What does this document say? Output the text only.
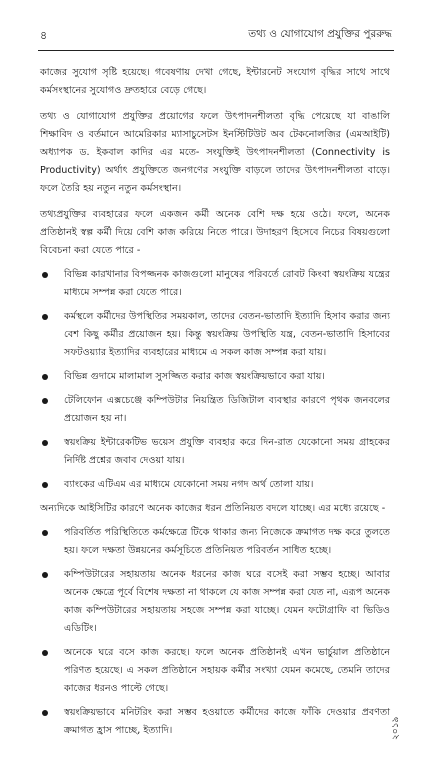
৪	তথ্য ও যোগাযোগ প্রযুক্তির পুররুদ্ধ

কাজের সুযোগ সৃষ্টি হয়েছে। গবেষণায় দেখা গেছে, ইন্টারনেট সংযোগ বৃদ্ধির সাথে সাথে কর্মসংস্থানের সুযোগও দ্রুতহারে বেড়ে গেছে।

তথ্য ও যোগাযোগ প্রযুক্তির প্রয়োগের ফলে উৎপাদনশীলতা বৃদ্ধি পেয়েছে যা বাঙালি শিক্ষাবিদ ও বর্তমানে আমেরিকার ম্যাসাচুসেটস ইনস্টিটিউট অব টেকনোলজির (এমআইটি) অধ্যাপক ড. ইকবাল কাদির এর মতে- সংযুক্তিই উৎপাদনশীলতা (Connectivity is Productivity) অর্থাৎ প্রযুক্তিতে জনগণের সংযুক্তি বাড়লে তাদের উৎপাদনশীলতা বাড়ে। ফলে তৈরি হয় নতুন নতুন কর্মসংস্থান।

তথ্যপ্রযুক্তির ব্যবহারের ফলে একজন কর্মী অনেক বেশি দক্ষ হয়ে ওঠে। ফলে, অনেক প্রতিষ্ঠানই স্বল্প কর্মী দিয়ে বেশি কাজ করিয়ে নিতে পারে। উদাহরণ হিসেবে নিচের বিষয়গুলো বিবেচনা করা যেতে পারে -

বিভিন্ন কারখানার বিপজ্জনক কাজগুলো মানুষের পরিবর্তে রোবট কিংবা স্বয়ংক্রিয় যন্ত্রের মাধ্যমে সম্পন্ন করা যেতে পারে।
কর্মস্থলে কর্মীদের উপস্থিতির সময়কাল, তাদের বেতন-ভাতাদি ইত্যাদি হিসাব করার জন্য বেশ কিছু কর্মীর প্রয়োজন হয়। কিন্তু স্বয়ংক্রিয় উপস্থিতি যন্ত্র, বেতন-ভাতাদি হিসাবের সফটওয়্যার ইত্যাদির ব্যবহারের মাধ্যমে এ সকল কাজ সম্পন্ন করা যায়।
বিভিন্ন গুদামে মালামাল সুসজ্জিত করার কাজ স্বয়ংক্রিয়ভাবে করা যায়।
টেলিফোন এক্সচেঞ্জে কম্পিউটার নিয়ন্ত্রিত ডিজিটাল ব্যবস্থার কারণে পৃথক জনবলের প্রয়োজন হয় না।
স্বয়ংক্রিয় ইন্টারেকটিভ ভয়েস প্রযুক্তি ব্যবহার করে দিন-রাত যেকোনো সময় গ্রাহকের নির্দিষ্ট প্রশ্নের জবাব দেওয়া যায়।
ব্যাংকের এটিএম এর মাধ্যমে যেকোনো সময় নগদ অর্থ তোলা যায়।

অন্যদিকে আইসিটির কারণে অনেক কাজের ধরন প্রতিনিয়ত বদলে যাচ্ছে। এর মধ্যে রয়েছে -

পরিবর্তিত পরিস্থিতিতে কর্মক্ষেত্রে টিকে থাকার জন্য নিজেকে ক্রমাগত দক্ষ করে তুলতে হয়। ফলে দক্ষতা উন্নয়নের কর্মসূচিতে প্রতিনিয়ত পরিবর্তন সাধিত হচ্ছে।
কম্পিউটারের সহায়তায় অনেক ধরনের কাজ ঘরে বসেই করা সম্ভব হচ্ছে। আবার অনেক ক্ষেত্রে পূর্বে বিশেষ দক্ষতা না থাকলে যে কাজ সম্পন্ন করা যেত না, এরূপ অনেক কাজ কম্পিউটারের সহায়তায় সহজে সম্পন্ন করা যাচ্ছে। যেমন ফটোগ্রাফি বা ভিডিও এডিটিং।
অনেকে ঘরে বসে কাজ করছে। ফলে অনেক প্রতিষ্ঠানই এখন ভার্চুয়াল প্রতিষ্ঠানে পরিণত হয়েছে। এ সকল প্রতিষ্ঠানে সহায়ক কর্মীর সংখ্যা যেমন কমেছে, তেমনি তাদের কাজের ধরনও পাল্টে গেছে।
স্বয়ংক্রিয়ভাবে মনিটরিং করা সম্ভব হওয়াতে কর্মীদের কাজে ফাঁকি দেওয়ার প্রবণতা ক্রমাগত হ্রাস পাচ্ছে, ইত্যাদি।	২০১৯
